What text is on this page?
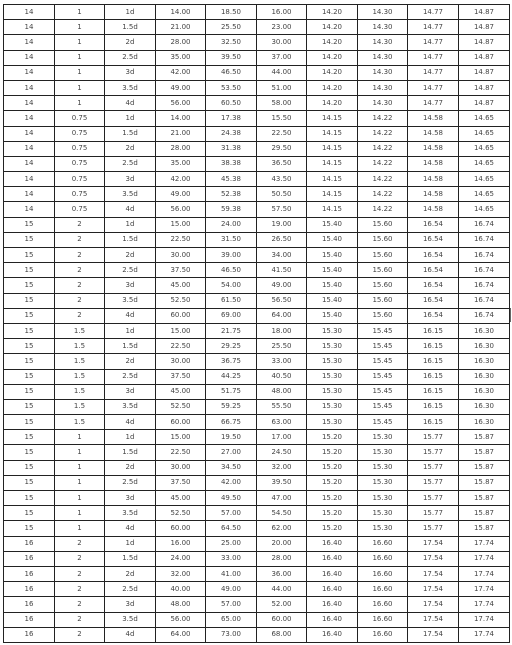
14	1	1d	14.00	18.50	16.00	14.20	14.30	14.77	14.87
14	1	1.5d	21.00	25.50	23.00	14.20	14.30	14.77	14.87
14	1	2d	28.00	32.50	30.00	14.20	14.30	14.77	14.87
14	1	2.5d	35.00	39.50	37.00	14.20	14.30	14.77	14.87
14	1	3d	42.00	46.50	44.00	14.20	14.30	14.77	14.87
14	1	3.5d	49.00	53.50	51.00	14.20	14.30	14.77	14.87
14	1	4d	56.00	60.50	58.00	14.20	14.30	14.77	14.87
14	0.75	1d	14.00	17.38	15.50	14.15	14.22	14.58	14.65
14	0.75	1.5d	21.00	24.38	22.50	14.15	14.22	14.58	14.65
14	0.75	2d	28.00	31.38	29.50	14.15	14.22	14.58	14.65
14	0.75	2.5d	35.00	38.38	36.50	14.15	14.22	14.58	14.65
14	0.75	3d	42.00	45.38	43.50	14.15	14.22	14.58	14.65
14	0.75	3.5d	49.00	52.38	50.50	14.15	14.22	14.58	14.65
14	0.75	4d	56.00	59.38	57.50	14.15	14.22	14.58	14.65
15	2	1d	15.00	24.00	19.00	15.40	15.60	16.54	16.74
15	2	1.5d	22.50	31.50	26.50	15.40	15.60	16.54	16.74
15	2	2d	30.00	39.00	34.00	15.40	15.60	16.54	16.74
15	2	2.5d	37.50	46.50	41.50	15.40	15.60	16.54	16.74
15	2	3d	45.00	54.00	49.00	15.40	15.60	16.54	16.74
15	2	3.5d	52.50	61.50	56.50	15.40	15.60	16.54	16.74
15	2	4d	60.00	69.00	64.00	15.40	15.60	16.54	16.74
15	1.5	1d	15.00	21.75	18.00	15.30	15.45	16.15	16.30
15	1.5	1.5d	22.50	29.25	25.50	15.30	15.45	16.15	16.30
15	1.5	2d	30.00	36.75	33.00	15.30	15.45	16.15	16.30
15	1.5	2.5d	37.50	44.25	40.50	15.30	15.45	16.15	16.30
15	1.5	3d	45.00	51.75	48.00	15.30	15.45	16.15	16.30
15	1.5	3.5d	52.50	59.25	55.50	15.30	15.45	16.15	16.30
15	1.5	4d	60.00	66.75	63.00	15.30	15.45	16.15	16.30
15	1	1d	15.00	19.50	17.00	15.20	15.30	15.77	15.87
15	1	1.5d	22.50	27.00	24.50	15.20	15.30	15.77	15.87
15	1	2d	30.00	34.50	32.00	15.20	15.30	15.77	15.87
15	1	2.5d	37.50	42.00	39.50	15.20	15.30	15.77	15.87
15	1	3d	45.00	49.50	47.00	15.20	15.30	15.77	15.87
15	1	3.5d	52.50	57.00	54.50	15.20	15.30	15.77	15.87
15	1	4d	60.00	64.50	62.00	15.20	15.30	15.77	15.87
16	2	1d	16.00	25.00	20.00	16.40	16.60	17.54	17.74
16	2	1.5d	24.00	33.00	28.00	16.40	16.60	17.54	17.74
16	2	2d	32.00	41.00	36.00	16.40	16.60	17.54	17.74
16	2	2.5d	40.00	49.00	44.00	16.40	16.60	17.54	17.74
16	2	3d	48.00	57.00	52.00	16.40	16.60	17.54	17.74
16	2	3.5d	56.00	65.00	60.00	16.40	16.60	17.54	17.74
16	2	4d	64.00	73.00	68.00	16.40	16.60	17.54	17.74
